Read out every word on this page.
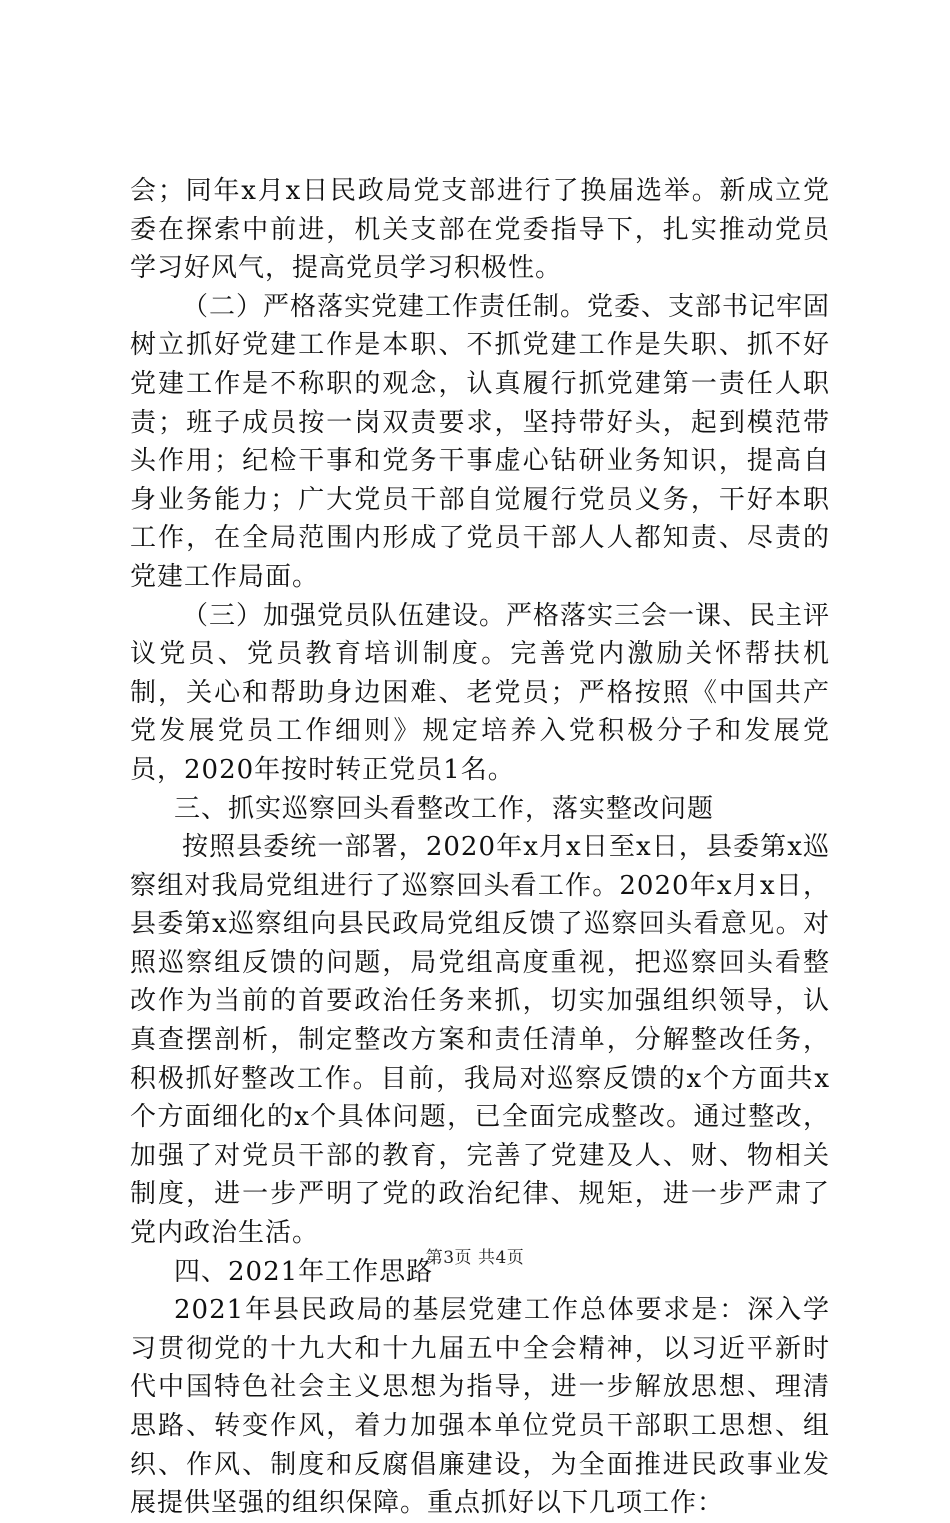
会；同年x月x日民政局党支部进行了换届选举。新成立党委在探索中前进，机关支部在党委指导下，扎实推动党员学习好风气，提高党员学习积极性。

（二）严格落实党建工作责任制。党委、支部书记牢固树立抓好党建工作是本职、不抓党建工作是失职、抓不好党建工作是不称职的观念，认真履行抓党建第一责任人职责；班子成员按一岗双责要求，坚持带好头，起到模范带头作用；纪检干事和党务干事虚心钻研业务知识，提高自身业务能力；广大党员干部自觉履行党员义务，干好本职工作，在全局范围内形成了党员干部人人都知责、尽责的党建工作局面。

（三）加强党员队伍建设。严格落实三会一课、民主评议党员、党员教育培训制度。完善党内激励关怀帮扶机制，关心和帮助身边困难、老党员；严格按照《中国共产党发展党员工作细则》规定培养入党积极分子和发展党员，2020年按时转正党员1名。

三、抓实巡察回头看整改工作，落实整改问题

按照县委统一部署，2020年x月x日至x日，县委第x巡察组对我局党组进行了巡察回头看工作。2020年x月x日，县委第x巡察组向县民政局党组反馈了巡察回头看意见。对照巡察组反馈的问题，局党组高度重视，把巡察回头看整改作为当前的首要政治任务来抓，切实加强组织领导，认真查摆剖析，制定整改方案和责任清单，分解整改任务，积极抓好整改工作。目前，我局对巡察反馈的x个方面共x个方面细化的x个具体问题，已全面完成整改。通过整改，加强了对党员干部的教育，完善了党建及人、财、物相关制度，进一步严明了党的政治纪律、规矩，进一步严肃了党内政治生活。

四、2021年工作思路

2021年县民政局的基层党建工作总体要求是：深入学习贯彻党的十九大和十九届五中全会精神，以习近平新时代中国特色社会主义思想为指导，进一步解放思想、理清思路、转变作风，着力加强本单位党员干部职工思想、组织、作风、制度和反腐倡廉建设，为全面推进民政事业发展提供坚强的组织保障。重点抓好以下几项工作：

第3页 共4页
